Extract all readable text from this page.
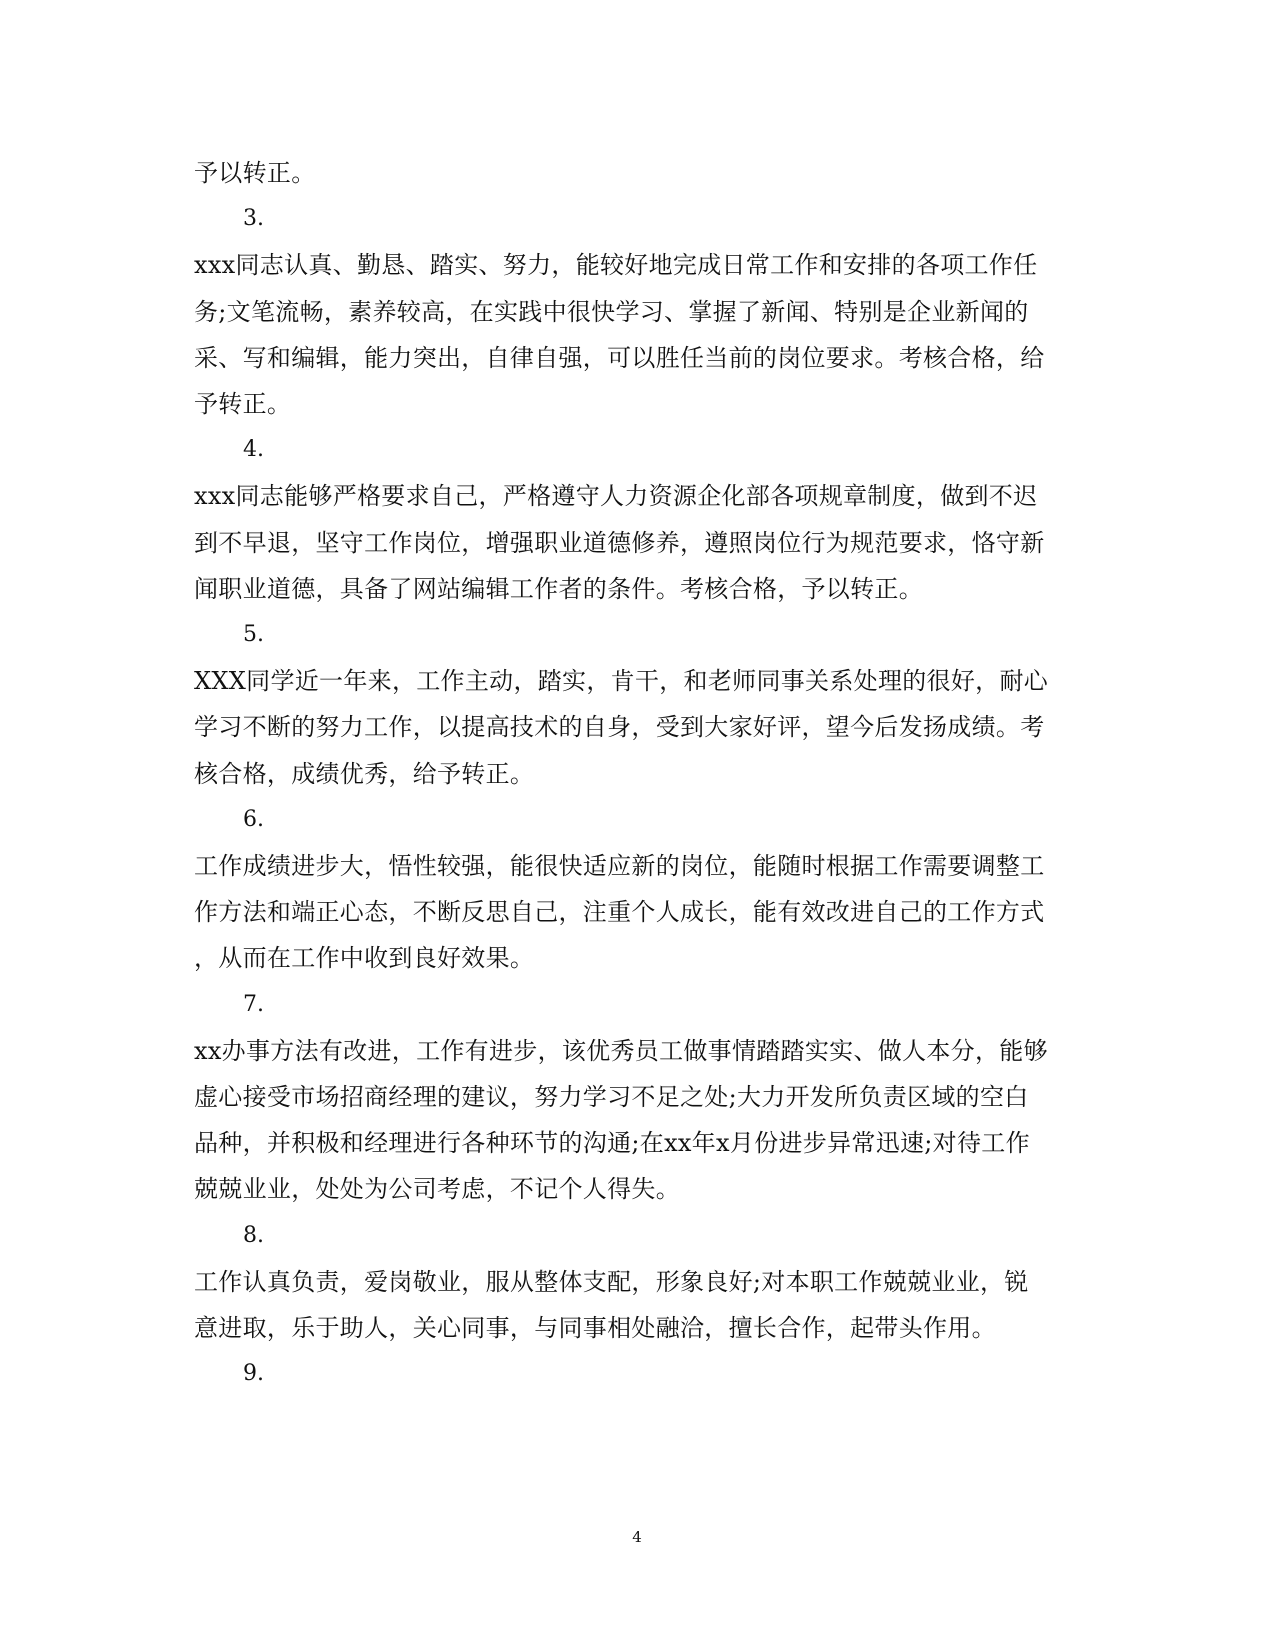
予以转正。

3.

xxx同志认真、勤恳、踏实、努力，能较好地完成日常工作和安排的各项工作任

务;文笔流畅，素养较高，在实践中很快学习、掌握了新闻、特别是企业新闻的

采、写和编辑，能力突出，自律自强，可以胜任当前的岗位要求。考核合格，给

予转正。

4.

xxx同志能够严格要求自己，严格遵守人力资源企化部各项规章制度，做到不迟

到不早退，坚守工作岗位，增强职业道德修养，遵照岗位行为规范要求，恪守新

闻职业道德，具备了网站编辑工作者的条件。考核合格，予以转正。

5.

XXX同学近一年来，工作主动，踏实，肯干，和老师同事关系处理的很好，耐心

学习不断的努力工作，以提高技术的自身，受到大家好评，望今后发扬成绩。考

核合格，成绩优秀，给予转正。

6.

工作成绩进步大，悟性较强，能很快适应新的岗位，能随时根据工作需要调整工

作方法和端正心态，不断反思自己，注重个人成长，能有效改进自己的工作方式

，从而在工作中收到良好效果。

7.

xx办事方法有改进，工作有进步，该优秀员工做事情踏踏实实、做人本分，能够

虚心接受市场招商经理的建议，努力学习不足之处;大力开发所负责区域的空白

品种，并积极和经理进行各种环节的沟通;在xx年x月份进步异常迅速;对待工作

兢兢业业，处处为公司考虑，不记个人得失。

8.

工作认真负责，爱岗敬业，服从整体支配，形象良好;对本职工作兢兢业业，锐

意进取，乐于助人，关心同事，与同事相处融洽，擅长合作，起带头作用。

9.

4
